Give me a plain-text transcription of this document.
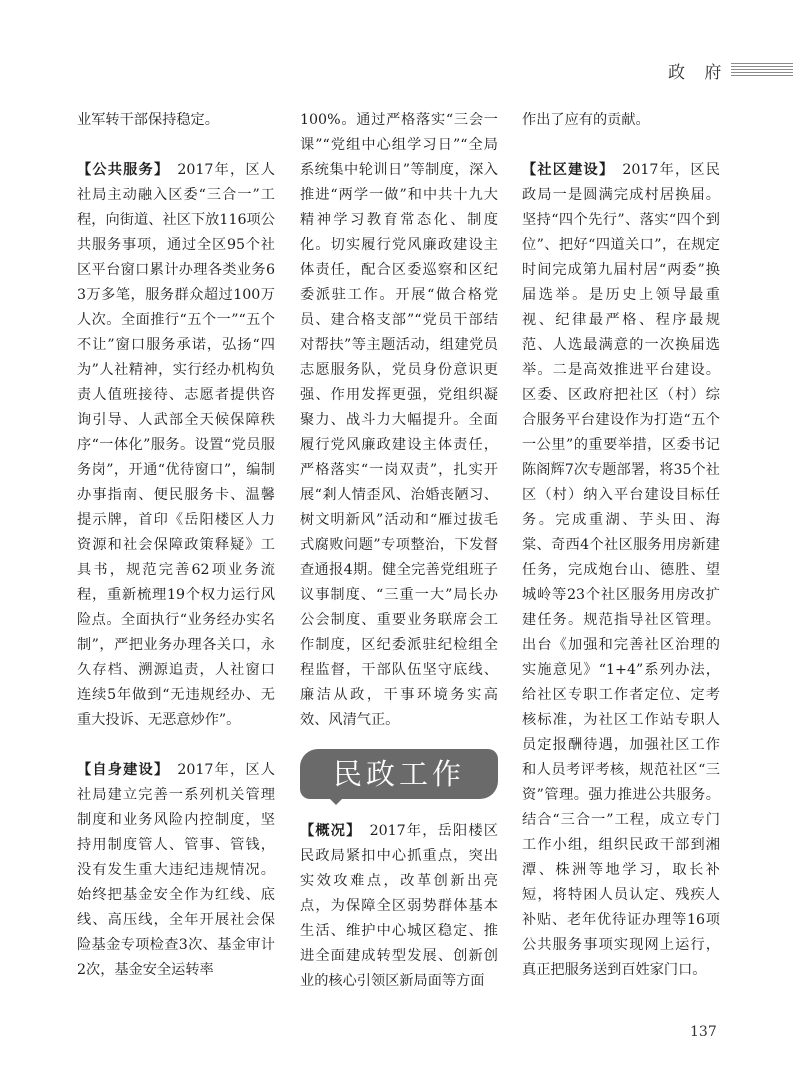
政 府

业军转干部保持稳定。

【公共服务】 2017年，区人社局主动融入区委“三合一”工程，向街道、社区下放116项公共服务事项，通过全区95个社区平台窗口累计办理各类业务63万多笔，服务群众超过100万人次。全面推行“五个一”“五个不让”窗口服务承诺，弘扬“四为”人社精神，实行经办机构负责人值班接待、志愿者提供咨询引导、人武部全天候保障秩序“一体化”服务。设置“党员服务岗”，开通“优待窗口”，编制办事指南、便民服务卡、温馨提示牌，首印《岳阳楼区人力资源和社会保障政策释疑》工具书，规范完善62项业务流程，重新梳理19个权力运行风险点。全面执行“业务经办实名制”，严把业务办理各关口，永久存档、溯源追责，人社窗口连续5年做到“无违规经办、无重大投诉、无恶意炒作”。

【自身建设】 2017年，区人社局建立完善一系列机关管理制度和业务风险内控制度，坚持用制度管人、管事、管钱，没有发生重大违纪违规情况。始终把基金安全作为红线、底线、高压线，全年开展社会保险基金专项检查3次、基金审计2次，基金安全运转率

100%。通过严格落实“三会一课”“党组中心组学习日”“全局系统集中轮训日”等制度，深入推进“两学一做”和中共十九大精神学习教育常态化、制度化。切实履行党风廉政建设主体责任，配合区委巡察和区纪委派驻工作。开展“做合格党员、建合格支部”“党员干部结对帮扶”等主题活动，组建党员志愿服务队，党员身份意识更强、作用发挥更强，党组织凝聚力、战斗力大幅提升。全面履行党风廉政建设主体责任，严格落实“一岗双责”，扎实开展“剎人情歪风、治婚丧陋习、树文明新风”活动和“雁过拔毛式腐败问题”专项整治，下发督查通报4期。健全完善党组班子议事制度、“三重一大”局长办公会制度、重要业务联席会工作制度，区纪委派驻纪检组全程监督，干部队伍坚守底线、廉洁从政，干事环境务实高效、风清气正。

民政工作

【概况】 2017年，岳阳楼区民政局紧扣中心抓重点，突出实效攻难点，改革创新出亮点，为保障全区弱势群体基本生活、维护中心城区稳定、推进全面建成转型发展、创新创业的核心引领区新局面等方面

作出了应有的贡献。

【社区建设】 2017年，区民政局一是圆满完成村居换届。坚持“四个先行”、落实“四个到位”、把好“四道关口”，在规定时间完成第九届村居“两委”换届选举。是历史上领导最重视、纪律最严格、程序最规范、人选最满意的一次换届选举。二是高效推进平台建设。区委、区政府把社区（村）综合服务平台建设作为打造“五个一公里”的重要举措，区委书记陈阁辉7次专题部署，将35个社区（村）纳入平台建设目标任务。完成重湖、芋头田、海棠、奇西4个社区服务用房新建任务，完成炮台山、德胜、望城岭等23个社区服务用房改扩建任务。规范指导社区管理。出台《加强和完善社区治理的实施意见》“1+4”系列办法，给社区专职工作者定位、定考核标准，为社区工作站专职人员定报酬待遇，加强社区工作和人员考评考核，规范社区“三资”管理。强力推进公共服务。结合“三合一”工程，成立专门工作小组，组织民政干部到湘潭、株洲等地学习，取长补短，将特困人员认定、残疾人补贴、老年优待证办理等16项公共服务事项实现网上运行，真正把服务送到百姓家门口。

137
